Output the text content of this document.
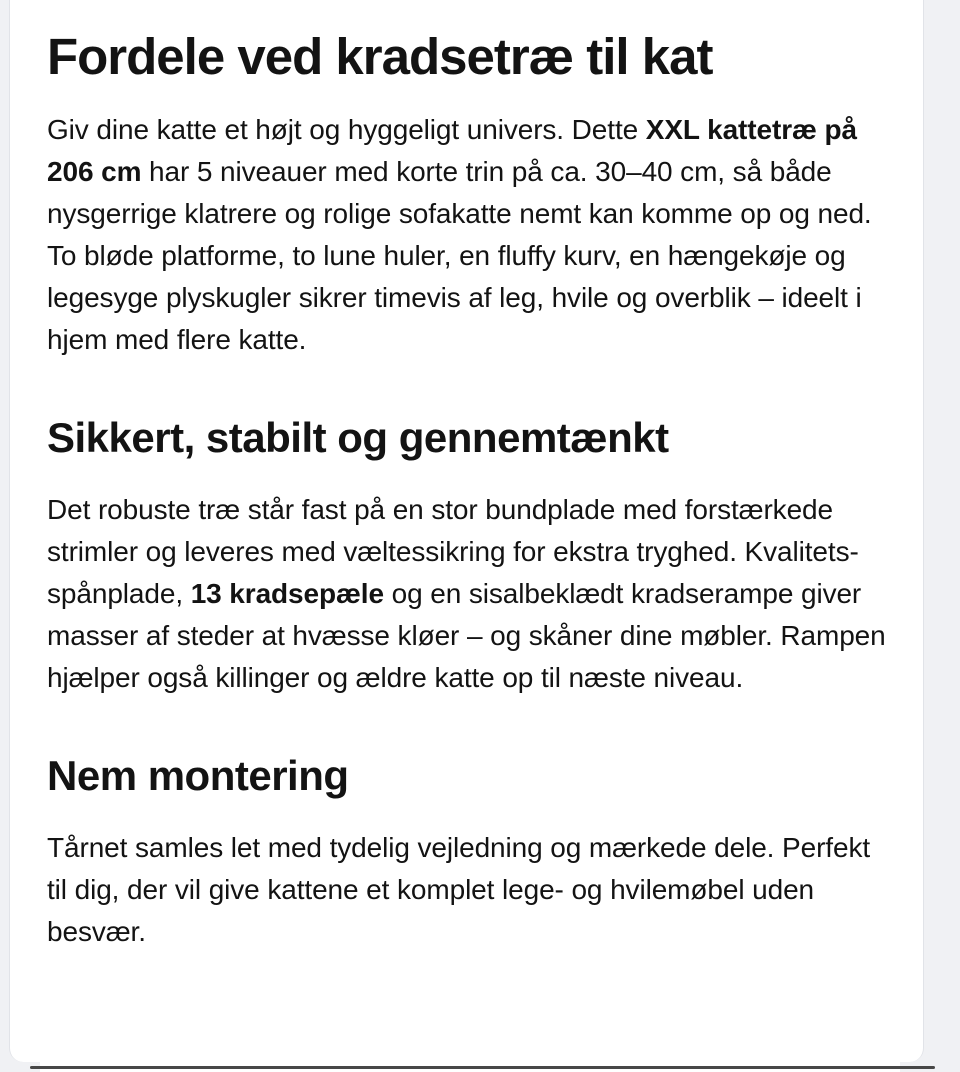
Fordele ved kradsetræ til kat

Giv dine katte et højt og hyggeligt univers. Dette XXL kattetræ på 206 cm har 5 niveauer med korte trin på ca. 30–40 cm, så både nysgerrige klatrere og rolige sofakatte nemt kan komme op og ned. To bløde platforme, to lune huler, en fluffy kurv, en hængekøje og legesyge plyskugler sikrer timevis af leg, hvile og overblik – ideelt i hjem med flere katte.

Sikkert, stabilt og gennemtænkt

Det robuste træ står fast på en stor bundplade med forstærkede strimler og leveres med væltessikring for ekstra tryghed. Kvalitets-spånplade, 13 kradsepæle og en sisalbeklædt kradserampe giver masser af steder at hvæsse kløer – og skåner dine møbler. Rampen hjælper også killinger og ældre katte op til næste niveau.

Nem montering

Tårnet samles let med tydelig vejledning og mærkede dele. Perfekt til dig, der vil give kattene et komplet lege- og hvilemøbel uden besvær.
